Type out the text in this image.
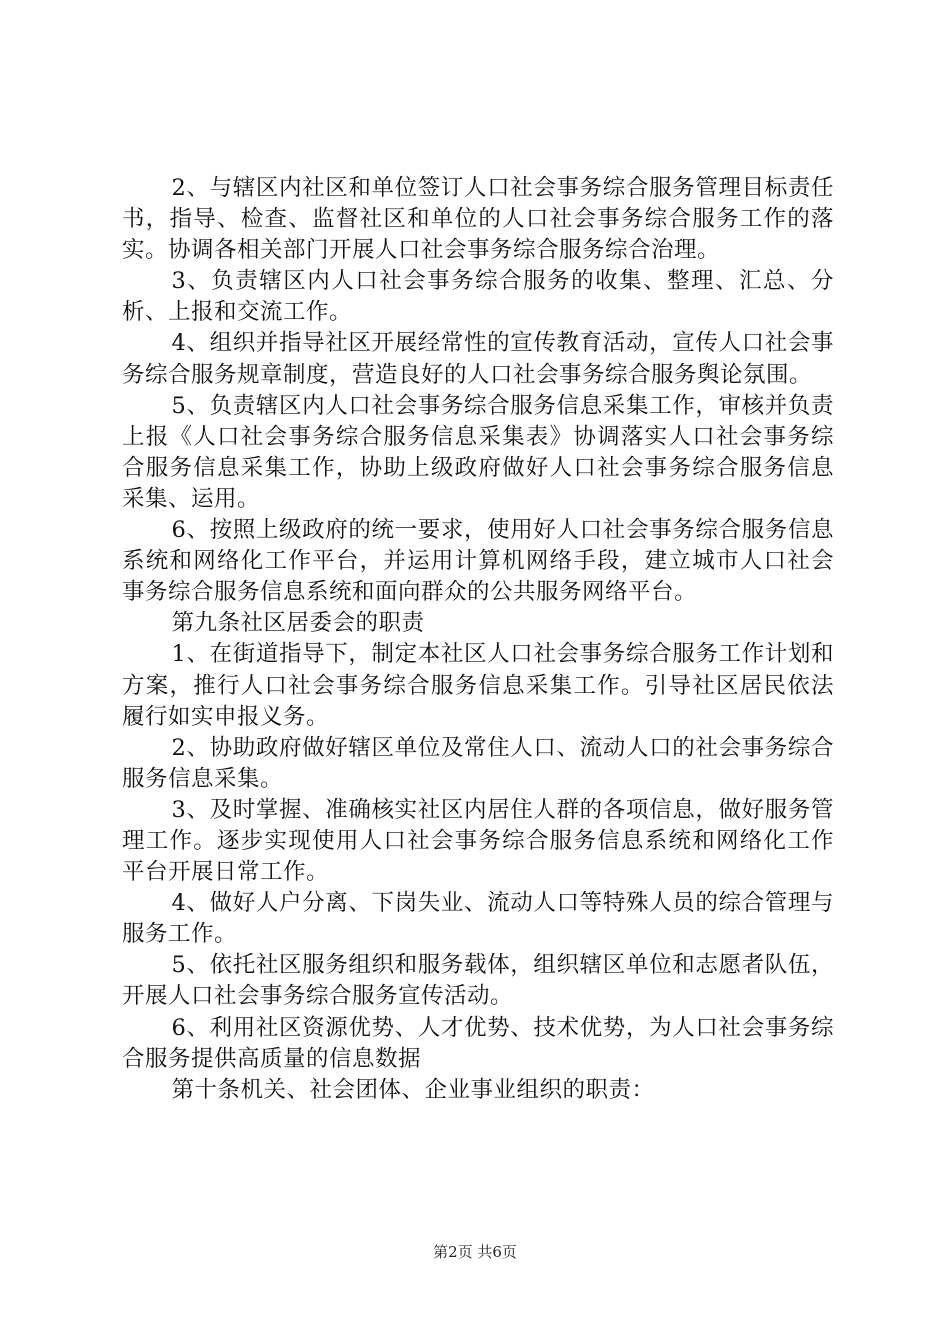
2、与辖区内社区和单位签订人口社会事务综合服务管理目标责任书，指导、检查、监督社区和单位的人口社会事务综合服务工作的落实。协调各相关部门开展人口社会事务综合服务综合治理。

3、负责辖区内人口社会事务综合服务的收集、整理、汇总、分析、上报和交流工作。

4、组织并指导社区开展经常性的宣传教育活动，宣传人口社会事务综合服务规章制度，营造良好的人口社会事务综合服务舆论氛围。

5、负责辖区内人口社会事务综合服务信息采集工作，审核并负责上报《人口社会事务综合服务信息采集表》协调落实人口社会事务综合服务信息采集工作，协助上级政府做好人口社会事务综合服务信息采集、运用。

6、按照上级政府的统一要求，使用好人口社会事务综合服务信息系统和网络化工作平台，并运用计算机网络手段，建立城市人口社会事务综合服务信息系统和面向群众的公共服务网络平台。

第九条社区居委会的职责

1、在街道指导下，制定本社区人口社会事务综合服务工作计划和方案，推行人口社会事务综合服务信息采集工作。引导社区居民依法履行如实申报义务。

2、协助政府做好辖区单位及常住人口、流动人口的社会事务综合服务信息采集。

3、及时掌握、准确核实社区内居住人群的各项信息，做好服务管理工作。逐步实现使用人口社会事务综合服务信息系统和网络化工作平台开展日常工作。

4、做好人户分离、下岗失业、流动人口等特殊人员的综合管理与服务工作。

5、依托社区服务组织和服务载体，组织辖区单位和志愿者队伍，开展人口社会事务综合服务宣传活动。

6、利用社区资源优势、人才优势、技术优势，为人口社会事务综合服务提供高质量的信息数据

第十条机关、社会团体、企业事业组织的职责：

第2页 共6页
